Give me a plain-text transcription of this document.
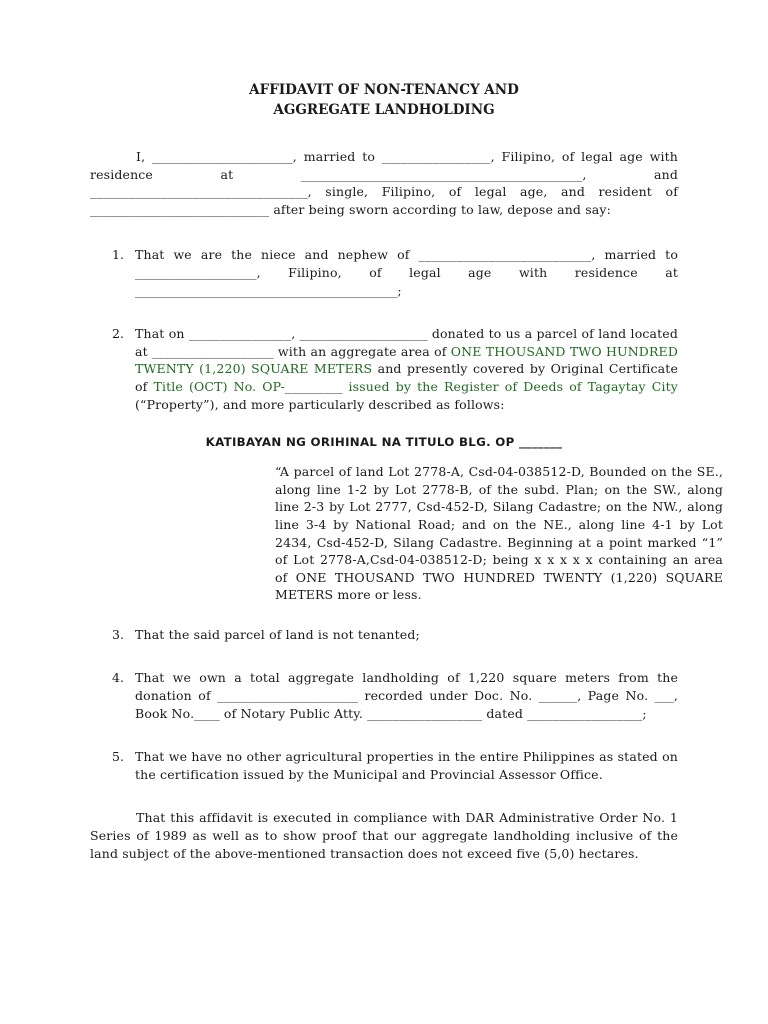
AFFIDAVIT OF NON-TENANCY AND

AGGREGATE LANDHOLDING

I, ______________________, married to _________________, Filipino, of legal age with residence at ____________________________________________, and __________________________________, single, Filipino, of legal age, and resident of ____________________________ after being sworn according to law, depose and say:

1. That we are the niece and nephew of ___________________________, married to ___________________, Filipino, of legal age with residence at _________________________________________;

2. That on ________________, ____________________ donated to us a parcel of land located at ___________________ with an aggregate area of ONE THOUSAND TWO HUNDRED TWENTY (1,220) SQUARE METERS and presently covered by Original Certificate of Title (OCT) No. OP-_________ issued by the Register of Deeds of Tagaytay City (“Property”), and more particularly described as follows:

KATIBAYAN NG ORIHINAL NA TITULO BLG. OP _______

“A parcel of land Lot 2778-A, Csd-04-038512-D, Bounded on the SE., along line 1-2 by Lot 2778-B, of the subd. Plan; on the SW., along line 2-3 by Lot 2777, Csd-452-D, Silang Cadastre; on the NW., along line 3-4 by National Road; and on the NE., along line 4-1 by Lot 2434, Csd-452-D, Silang Cadastre. Beginning at a point marked “1” of Lot 2778-A,Csd-04-038512-D; being x x x x x containing an area of ONE THOUSAND TWO HUNDRED TWENTY (1,220) SQUARE METERS more or less.

3. That the said parcel of land is not tenanted;

4. That we own a total aggregate landholding of 1,220 square meters from the donation of ______________________ recorded under Doc. No. ______, Page No. ___, Book No.____ of Notary Public Atty. __________________ dated __________________;

5. That we have no other agricultural properties in the entire Philippines as stated on the certification issued by the Municipal and Provincial Assessor Office.

That this affidavit is executed in compliance with DAR Administrative Order No. 1 Series of 1989 as well as to show proof that our aggregate landholding inclusive of the land subject of the above-mentioned transaction does not exceed five (5,0) hectares.
